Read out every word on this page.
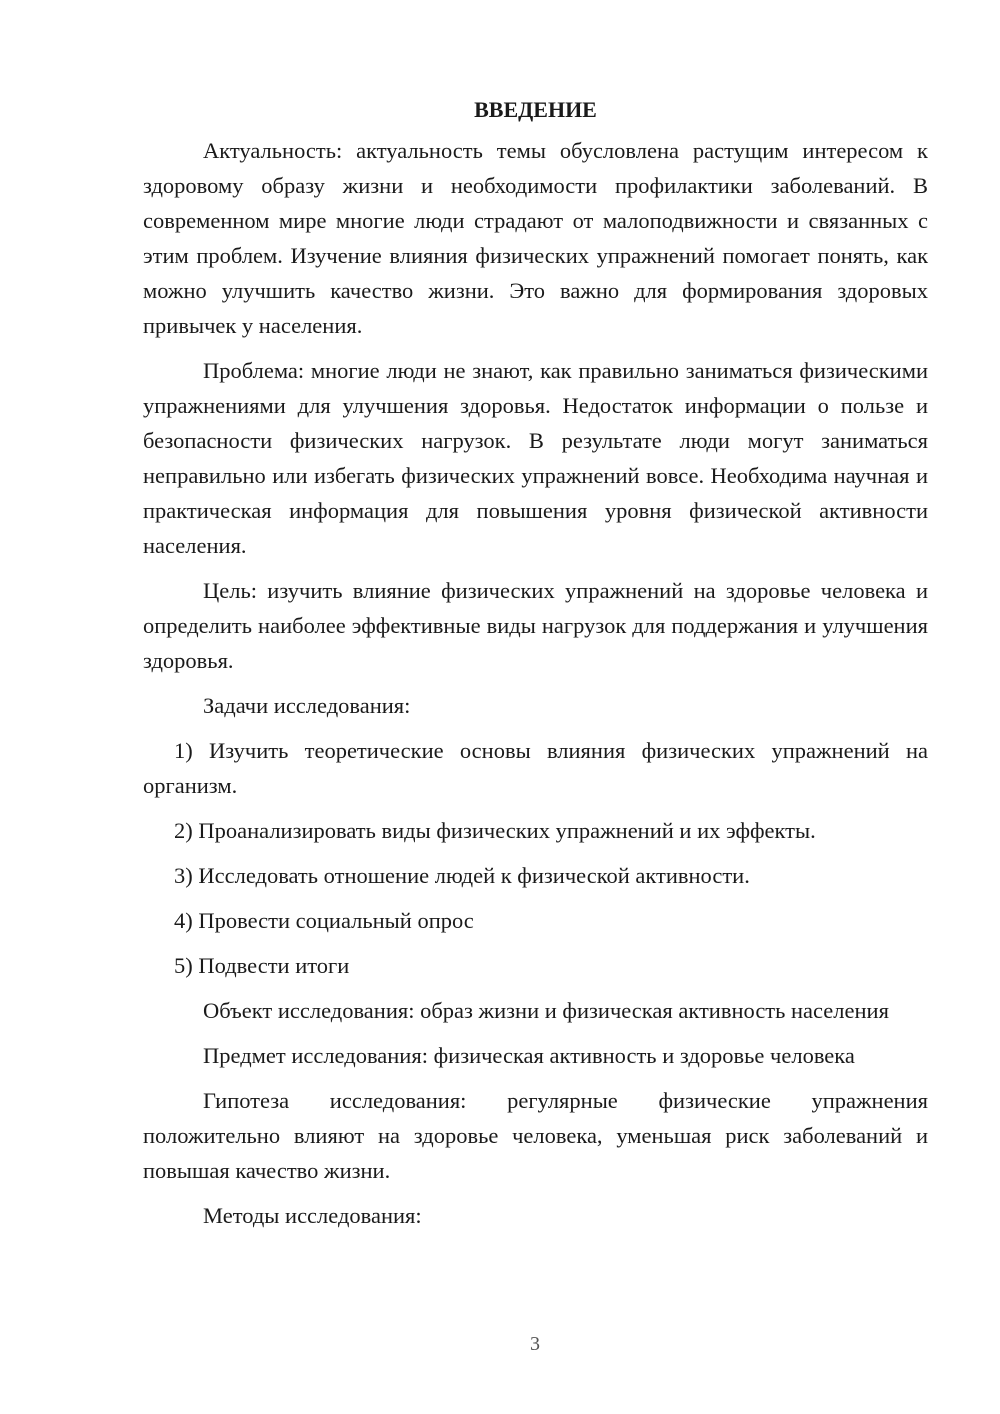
ВВЕДЕНИЕ

Актуальность: актуальность темы обусловлена растущим интересом к здоровому образу жизни и необходимости профилактики заболеваний. В современном мире многие люди страдают от малоподвижности и связанных с этим проблем. Изучение влияния физических упражнений помогает понять, как можно улучшить качество жизни. Это важно для формирования здоровых привычек у населения.

Проблема: многие люди не знают, как правильно заниматься физическими упражнениями для улучшения здоровья. Недостаток информации о пользе и безопасности физических нагрузок. В результате люди могут заниматься неправильно или избегать физических упражнений вовсе. Необходима научная и практическая информация для повышения уровня физической активности населения.

Цель: изучить влияние физических упражнений на здоровье человека и определить наиболее эффективные виды нагрузок для поддержания и улучшения здоровья.

Задачи исследования:

1) Изучить теоретические основы влияния физических упражнений на организм.

2) Проанализировать виды физических упражнений и их эффекты.

3) Исследовать отношение людей к физической активности.

4) Провести социальный опрос

5) Подвести итоги

Объект исследования: образ жизни и физическая активность населения

Предмет исследования: физическая активность и здоровье человека

Гипотеза исследования: регулярные физические упражнения положительно влияют на здоровье человека, уменьшая риск заболеваний и повышая качество жизни.

Методы исследования:

3
